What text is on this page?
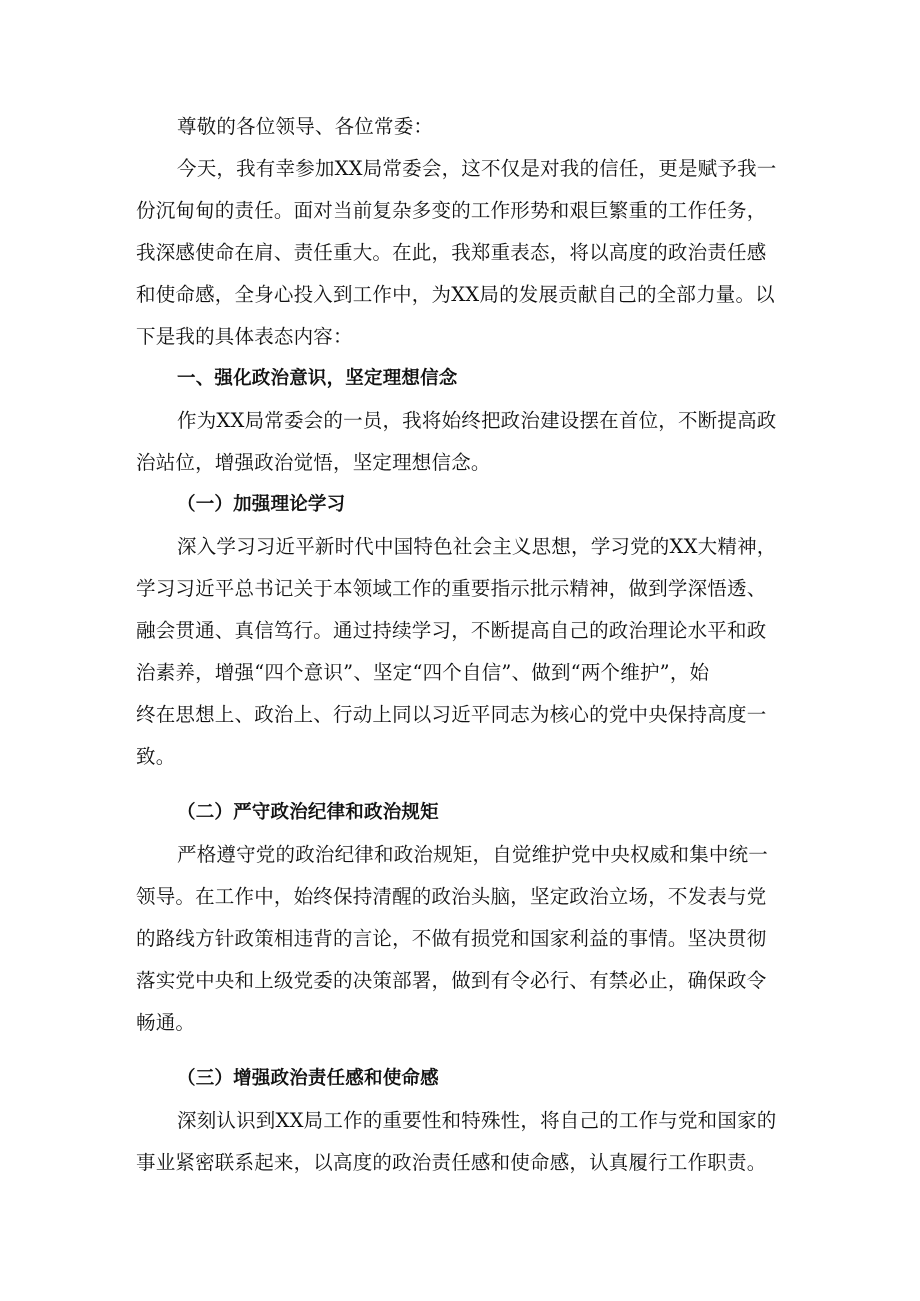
尊敬的各位领导、各位常委：
今天，我有幸参加XX局常委会，这不仅是对我的信任，更是赋予我一
份沉甸甸的责任。面对当前复杂多变的工作形势和艰巨繁重的工作任务，
我深感使命在肩、责任重大。在此，我郑重表态，将以高度的政治责任感
和使命感，全身心投入到工作中，为XX局的发展贡献自己的全部力量。以
下是我的具体表态内容：
一、强化政治意识，坚定理想信念
作为XX局常委会的一员，我将始终把政治建设摆在首位，不断提高政
治站位，增强政治觉悟，坚定理想信念。
（一）加强理论学习
深入学习习近平新时代中国特色社会主义思想，学习党的XX大精神，
学习习近平总书记关于本领域工作的重要指示批示精神，做到学深悟透、
融会贯通、真信笃行。通过持续学习，不断提高自己的政治理论水平和政
治素养，增强“四个意识”、坚定“四个自信”、做到“两个维护”，始
终在思想上、政治上、行动上同以习近平同志为核心的党中央保持高度一
致。
（二）严守政治纪律和政治规矩
严格遵守党的政治纪律和政治规矩，自觉维护党中央权威和集中统一
领导。在工作中，始终保持清醒的政治头脑，坚定政治立场，不发表与党
的路线方针政策相违背的言论，不做有损党和国家利益的事情。坚决贯彻
落实党中央和上级党委的决策部署，做到有令必行、有禁必止，确保政令
畅通。
（三）增强政治责任感和使命感
深刻认识到XX局工作的重要性和特殊性，将自己的工作与党和国家的
事业紧密联系起来，以高度的政治责任感和使命感，认真履行工作职责。
